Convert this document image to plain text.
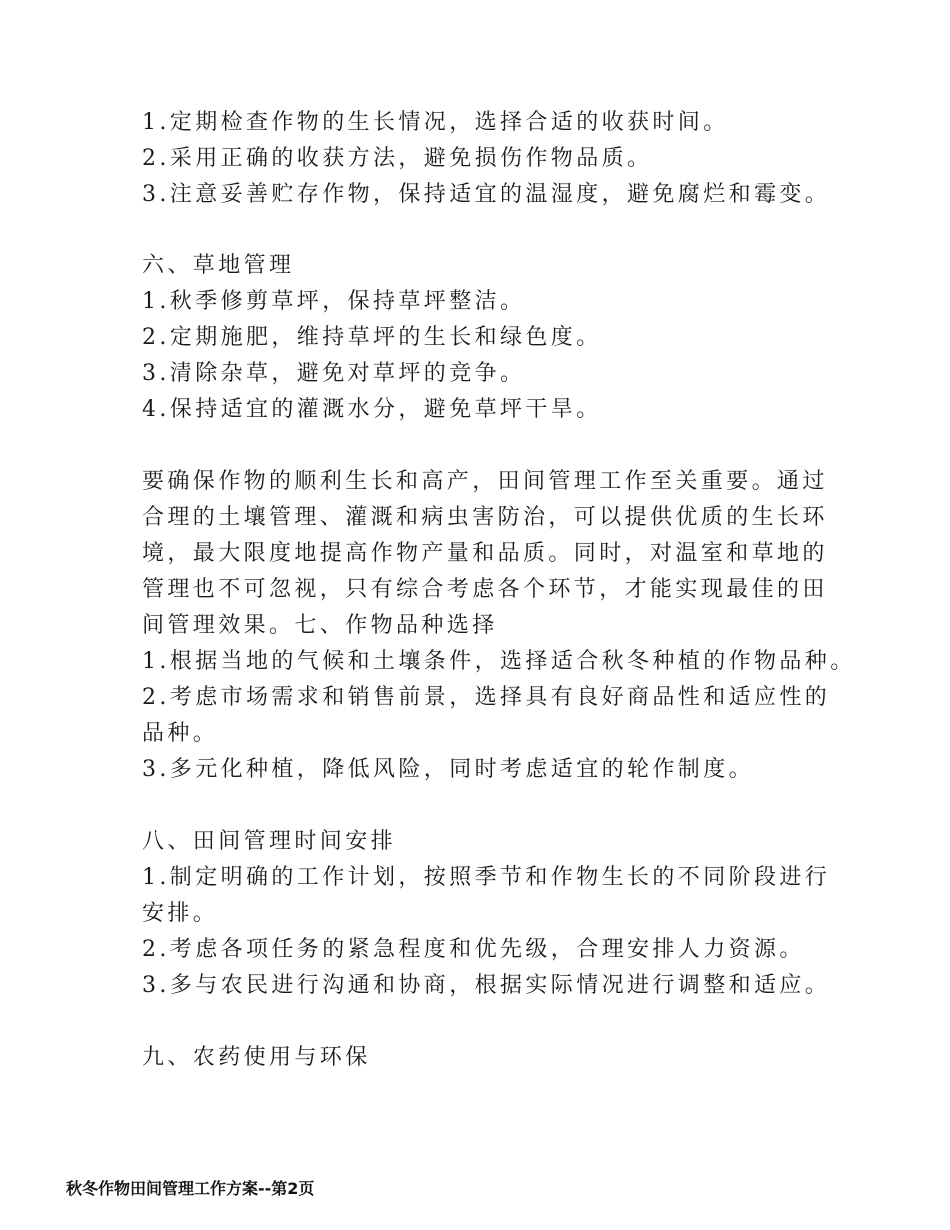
1.定期检查作物的生长情况，选择合适的收获时间。
2.采用正确的收获方法，避免损伤作物品质。
3.注意妥善贮存作物，保持适宜的温湿度，避免腐烂和霉变。
六、草地管理
1.秋季修剪草坪，保持草坪整洁。
2.定期施肥，维持草坪的生长和绿色度。
3.清除杂草，避免对草坪的竞争。
4.保持适宜的灌溉水分，避免草坪干旱。
要确保作物的顺利生长和高产，田间管理工作至关重要。通过
合理的土壤管理、灌溉和病虫害防治，可以提供优质的生长环
境，最大限度地提高作物产量和品质。同时，对温室和草地的
管理也不可忽视，只有综合考虑各个环节，才能实现最佳的田
间管理效果。七、作物品种选择
1.根据当地的气候和土壤条件，选择适合秋冬种植的作物品种。
2.考虑市场需求和销售前景，选择具有良好商品性和适应性的
品种。
3.多元化种植，降低风险，同时考虑适宜的轮作制度。
八、田间管理时间安排
1.制定明确的工作计划，按照季节和作物生长的不同阶段进行
安排。
2.考虑各项任务的紧急程度和优先级，合理安排人力资源。
3.多与农民进行沟通和协商，根据实际情况进行调整和适应。
九、农药使用与环保
秋冬作物田间管理工作方案--第2页
